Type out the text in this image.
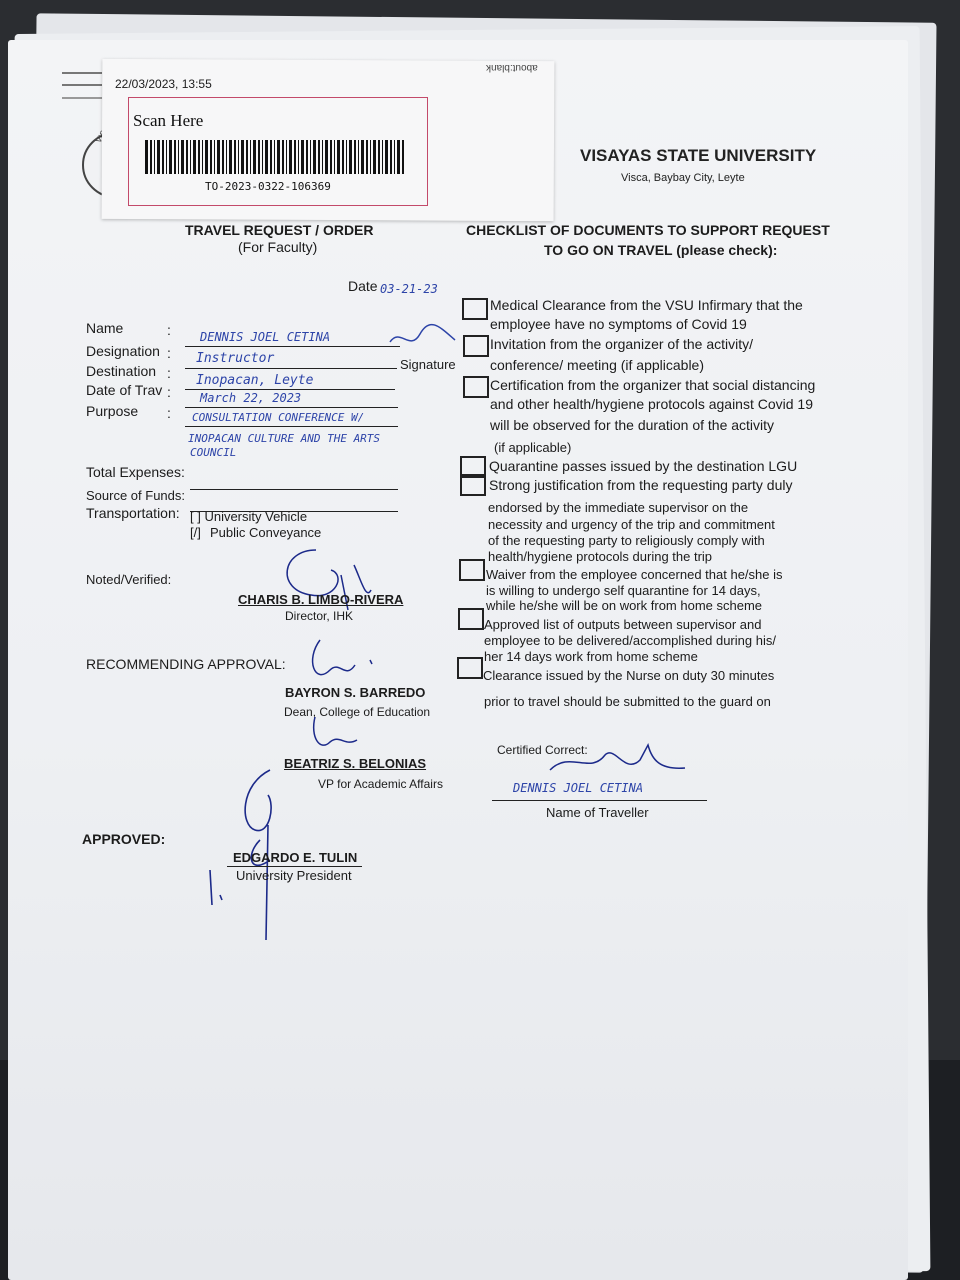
22/03/2023, 13:55
about:blank
Scan Here
TO-2023-0322-106369
VISAYAS STATE UNIVERSITY
Visca, Baybay City, Leyte
TRAVEL REQUEST / ORDER
(For Faculty)
Date 03-21-23
Name	: DENNIS JOEL CETINA
Signature
Designation : Instructor
Destination : Inopacan, Leyte
Date of Trav : March 22, 2023
Purpose : CONSULTATION CONFERENCE W/
INOPACAN CULTURE AND THE ARTS
COUNCIL
Total Expenses:
Source of Funds:
Transportation: [ ] University Vehicle
[/] Public Conveyance
Noted/Verified:
CHARIS B. LIMBO-RIVERA
Director, IHK
RECOMMENDING APPROVAL:
BAYRON S. BARREDO
Dean, College of Education
BEATRIZ S. BELONIAS
VP for Academic Affairs
APPROVED:
EDGARDO E. TULIN
University President
CHECKLIST OF DOCUMENTS TO SUPPORT REQUEST
TO GO ON TRAVEL (please check):
Medical Clearance from the VSU Infirmary that the
employee have no symptoms of Covid 19
Invitation from the organizer of the activity/
conference/ meeting (if applicable)
Certification from the organizer that social distancing
and other health/hygiene protocols against Covid 19
will be observed for the duration of the activity
(if applicable)
Quarantine passes issued by the destination LGU
Strong justification from the requesting party duly
endorsed by the immediate supervisor on the
necessity and urgency of the trip and commitment
of the requesting party to religiously comply with
health/hygiene protocols during the trip
Waiver from the employee concerned that he/she is
is willing to undergo self quarantine for 14 days,
while he/she will be on work from home scheme
Approved list of outputs between supervisor and
employee to be delivered/accomplished during his/
her 14 days work from home scheme
Clearance issued by the Nurse on duty 30 minutes
prior to travel should be submitted to the guard on
Certified Correct:
DENNIS JOEL CETINA
Name of Traveller
